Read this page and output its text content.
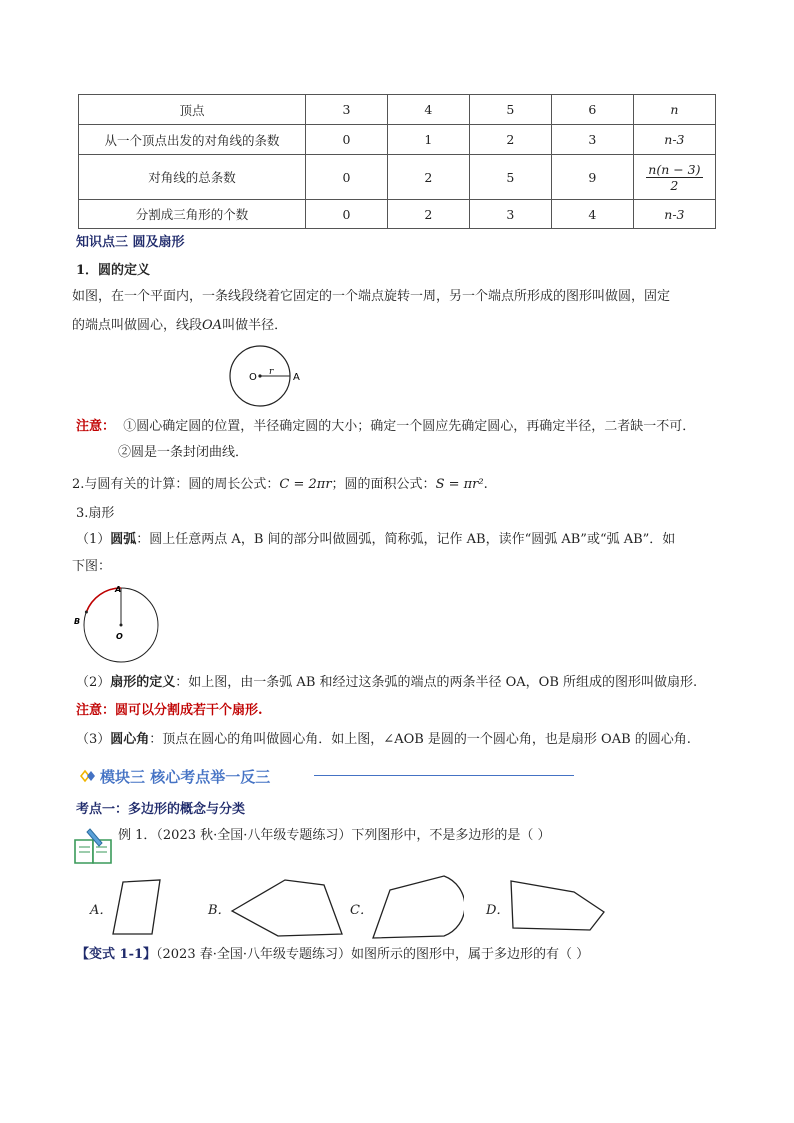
顶点	3	4	5	6	n
从一个顶点出发的对角线的条数	0	1	2	3	n-3
对角线的总条数	0	2	5	9	$\frac{n(n - 3)}{2}$

分割成三角形的个数	0	2	3	4	n-3
知识点三 圆及扇形
1．圆的定义
如图，在一个平面内，一条线段绕着它固定的一个端点旋转一周，另一个端点所形成的图形叫做圆，固定
的端点叫做圆心，线段OA叫做半径．
O r A
注意： ①圆心确定圆的位置，半径确定圆的大小；确定一个圆应先确定圆心，再确定半径，二者缺一不可．
②圆是一条封闭曲线．
2.与圆有关的计算：圆的周长公式：C = 2πr；圆的面积公式：S = πr².
3.扇形
（1）圆弧：圆上任意两点 A，B 间的部分叫做圆弧，简称弧，记作 AB，读作“圆弧 AB”或“弧 AB”．如
下图：
A
B
O
（2）扇形的定义：如上图，由一条弧 AB 和经过这条弧的端点的两条半径 OA，OB 所组成的图形叫做扇形.
注意：圆可以分割成若干个扇形.
（3）圆心角：顶点在圆心的角叫做圆心角．如上图，∠AOB 是圆的一个圆心角，也是扇形 OAB 的圆心角.
模块三 核心考点举一反三
考点一：多边形的概念与分类
例 1．（2023 秋·全国·八年级专题练习）下列图形中，不是多边形的是（ ）
A．	B．	C．	D．
【变式 1-1】（2023 春·全国·八年级专题练习）如图所示的图形中，属于多边形的有（ ）
